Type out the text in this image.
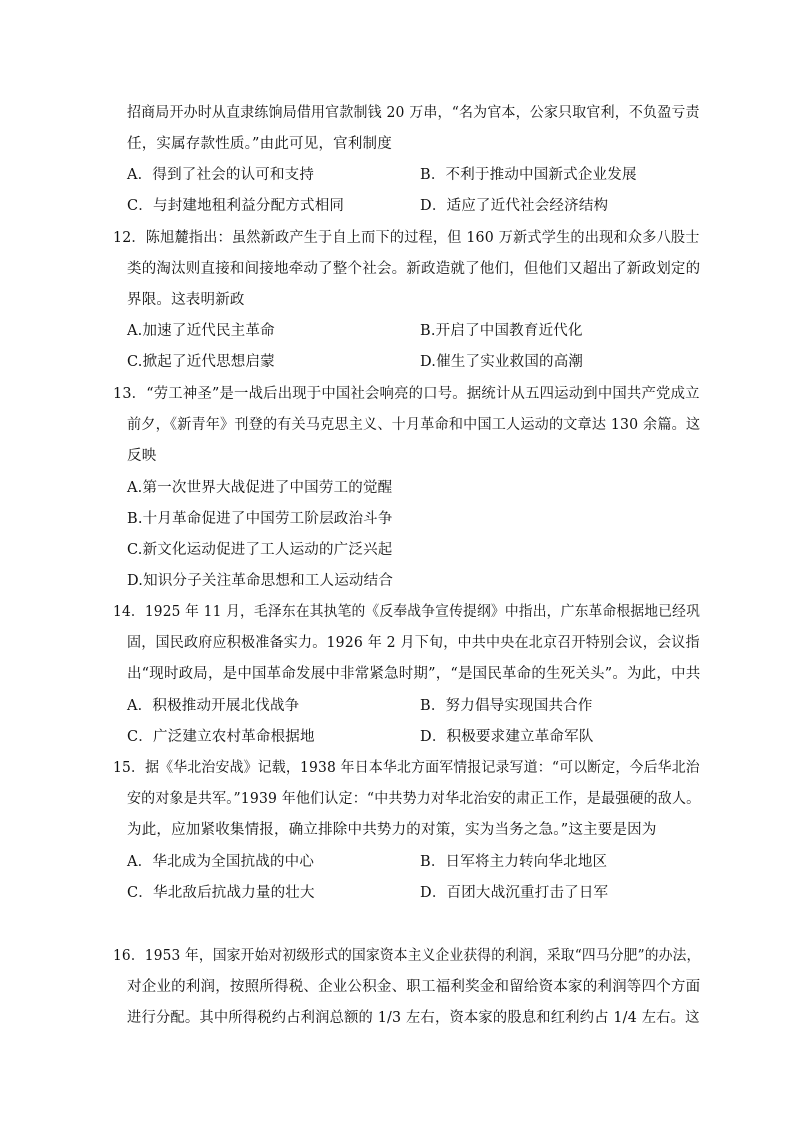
招商局开办时从直隶练饷局借用官款制钱 20 万串，“名为官本，公家只取官利，不负盈亏责
任，实属存款性质。”由此可见，官利制度
A．得到了社会的认可和支持	B．不利于推动中国新式企业发展
C．与封建地租利益分配方式相同	D．适应了近代社会经济结构
12．陈旭麓指出：虽然新政产生于自上而下的过程，但 160 万新式学生的出现和众多八股士
类的淘汰则直接和间接地牵动了整个社会。新政造就了他们，但他们又超出了新政划定的
界限。这表明新政
A.加速了近代民主革命	B.开启了中国教育近代化
C.掀起了近代思想启蒙	D.催生了实业救国的高潮
13．“劳工神圣”是一战后出现于中国社会响亮的口号。据统计从五四运动到中国共产党成立
前夕，《新青年》刊登的有关马克思主义、十月革命和中国工人运动的文章达 130 余篇。这
反映
A.第一次世界大战促进了中国劳工的觉醒
B.十月革命促进了中国劳工阶层政治斗争
C.新文化运动促进了工人运动的广泛兴起
D.知识分子关注革命思想和工人运动结合
14．1925 年 11 月，毛泽东在其执笔的《反奉战争宣传提纲》中指出，广东革命根据地已经巩
固，国民政府应积极准备实力。1926 年 2 月下旬，中共中央在北京召开特别会议，会议指
出“现时政局，是中国革命发展中非常紧急时期”，“是国民革命的生死关头”。为此，中共
A．积极推动开展北伐战争	B．努力倡导实现国共合作
C．广泛建立农村革命根据地	D．积极要求建立革命军队
15．据《华北治安战》记载，1938 年日本华北方面军情报记录写道：“可以断定，今后华北治
安的对象是共军。”1939 年他们认定：“中共势力对华北治安的肃正工作，是最强硬的敌人。
为此，应加紧收集情报，确立排除中共势力的对策，实为当务之急。”这主要是因为
A．华北成为全国抗战的中心	B．日军将主力转向华北地区
C．华北敌后抗战力量的壮大	D．百团大战沉重打击了日军
16．1953 年，国家开始对初级形式的国家资本主义企业获得的利润，采取“四马分肥”的办法，
对企业的利润，按照所得税、企业公积金、职工福利奖金和留给资本家的利润等四个方面
进行分配。其中所得税约占利润总额的 1/3 左右，资本家的股息和红利约占 1/4 左右。这
